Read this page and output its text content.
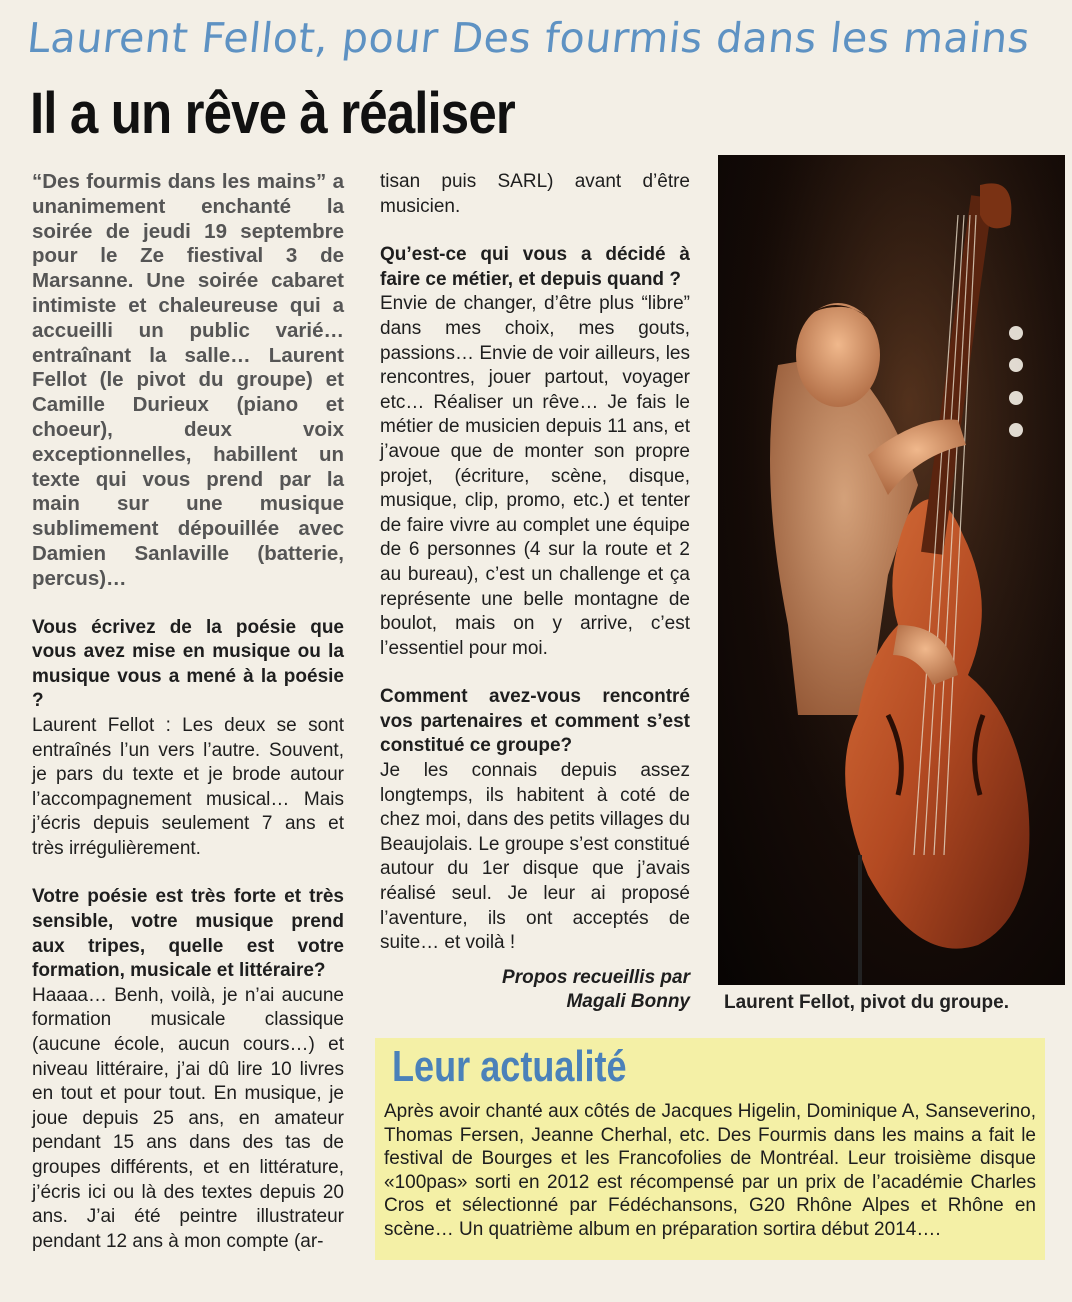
Laurent Fellot, pour Des fourmis dans les mains
Il a un rêve à réaliser

“Des fourmis dans les mains” a unanimement enchanté la soirée de jeudi 19 septembre pour le Ze fiestival 3 de Marsanne. Une soirée cabaret intimiste et chaleureuse qui a accueilli un public varié… entraînant la salle… Laurent Fellot (le pivot du groupe) et Camille Durieux (piano et choeur), deux voix exceptionnelles, habillent un texte qui vous prend par la main sur une musique sublimement dépouillée avec Damien Sanlaville (batterie, percus)…

Vous écrivez de la poésie que vous avez mise en musique ou la musique vous a mené à la poésie ?

Laurent Fellot : Les deux se sont entraînés l’un vers l’autre. Souvent, je pars du texte et je brode autour l’accompagnement musical… Mais j’écris depuis seulement 7 ans et très irrégulièrement.

Votre poésie est très forte et très sensible, votre musique prend aux tripes, quelle est votre formation, musicale et littéraire?

Haaaa… Benh, voilà, je n’ai aucune formation musicale classique (aucune école, aucun cours…) et niveau littéraire, j’ai dû lire 10 livres en tout et pour tout. En musique, je joue depuis 25 ans, en amateur pendant 15 ans dans des tas de groupes différents, et en littérature, j’écris ici ou là des textes depuis 20 ans. J’ai été peintre illustrateur pendant 12 ans à mon compte (ar-

tisan puis SARL) avant d’être musicien.

Qu’est-ce qui vous a décidé à faire ce métier, et depuis quand ?

Envie de changer, d’être plus “libre” dans mes choix, mes gouts, passions… Envie de voir ailleurs, les rencontres, jouer partout, voyager etc… Réaliser un rêve… Je fais le métier de musicien depuis 11 ans, et j’avoue que de monter son propre projet, (écriture, scène, disque, musique, clip, promo, etc.) et tenter de faire vivre au complet une équipe de 6 personnes (4 sur la route et 2 au bureau), c’est un challenge et ça représente une belle montagne de boulot, mais on y arrive, c’est l’essentiel pour moi.

Comment avez-vous rencontré vos partenaires et comment s’est constitué ce groupe?

Je les connais depuis assez longtemps, ils habitent à coté de chez moi, dans des petits villages du Beaujolais. Le groupe s’est constitué autour du 1er disque que j’avais réalisé seul. Je leur ai proposé l’aventure, ils ont acceptés de suite… et voilà !

Propos recueillis par
Magali Bonny Laurent Fellot, pivot du groupe.
Leur actualité
Après avoir chanté aux côtés de Jacques Higelin, Dominique A, Sanseverino, Thomas Fersen, Jeanne Cherhal, etc. Des Fourmis dans les mains a fait le festival de Bourges et les Francofolies de Montréal. Leur troisième disque «100pas» sorti en 2012 est récompensé par un prix de l’académie Charles Cros et sélectionné par Fédéchansons, G20 Rhône Alpes et Rhône en scène… Un quatrième album en préparation sortira début 2014….
